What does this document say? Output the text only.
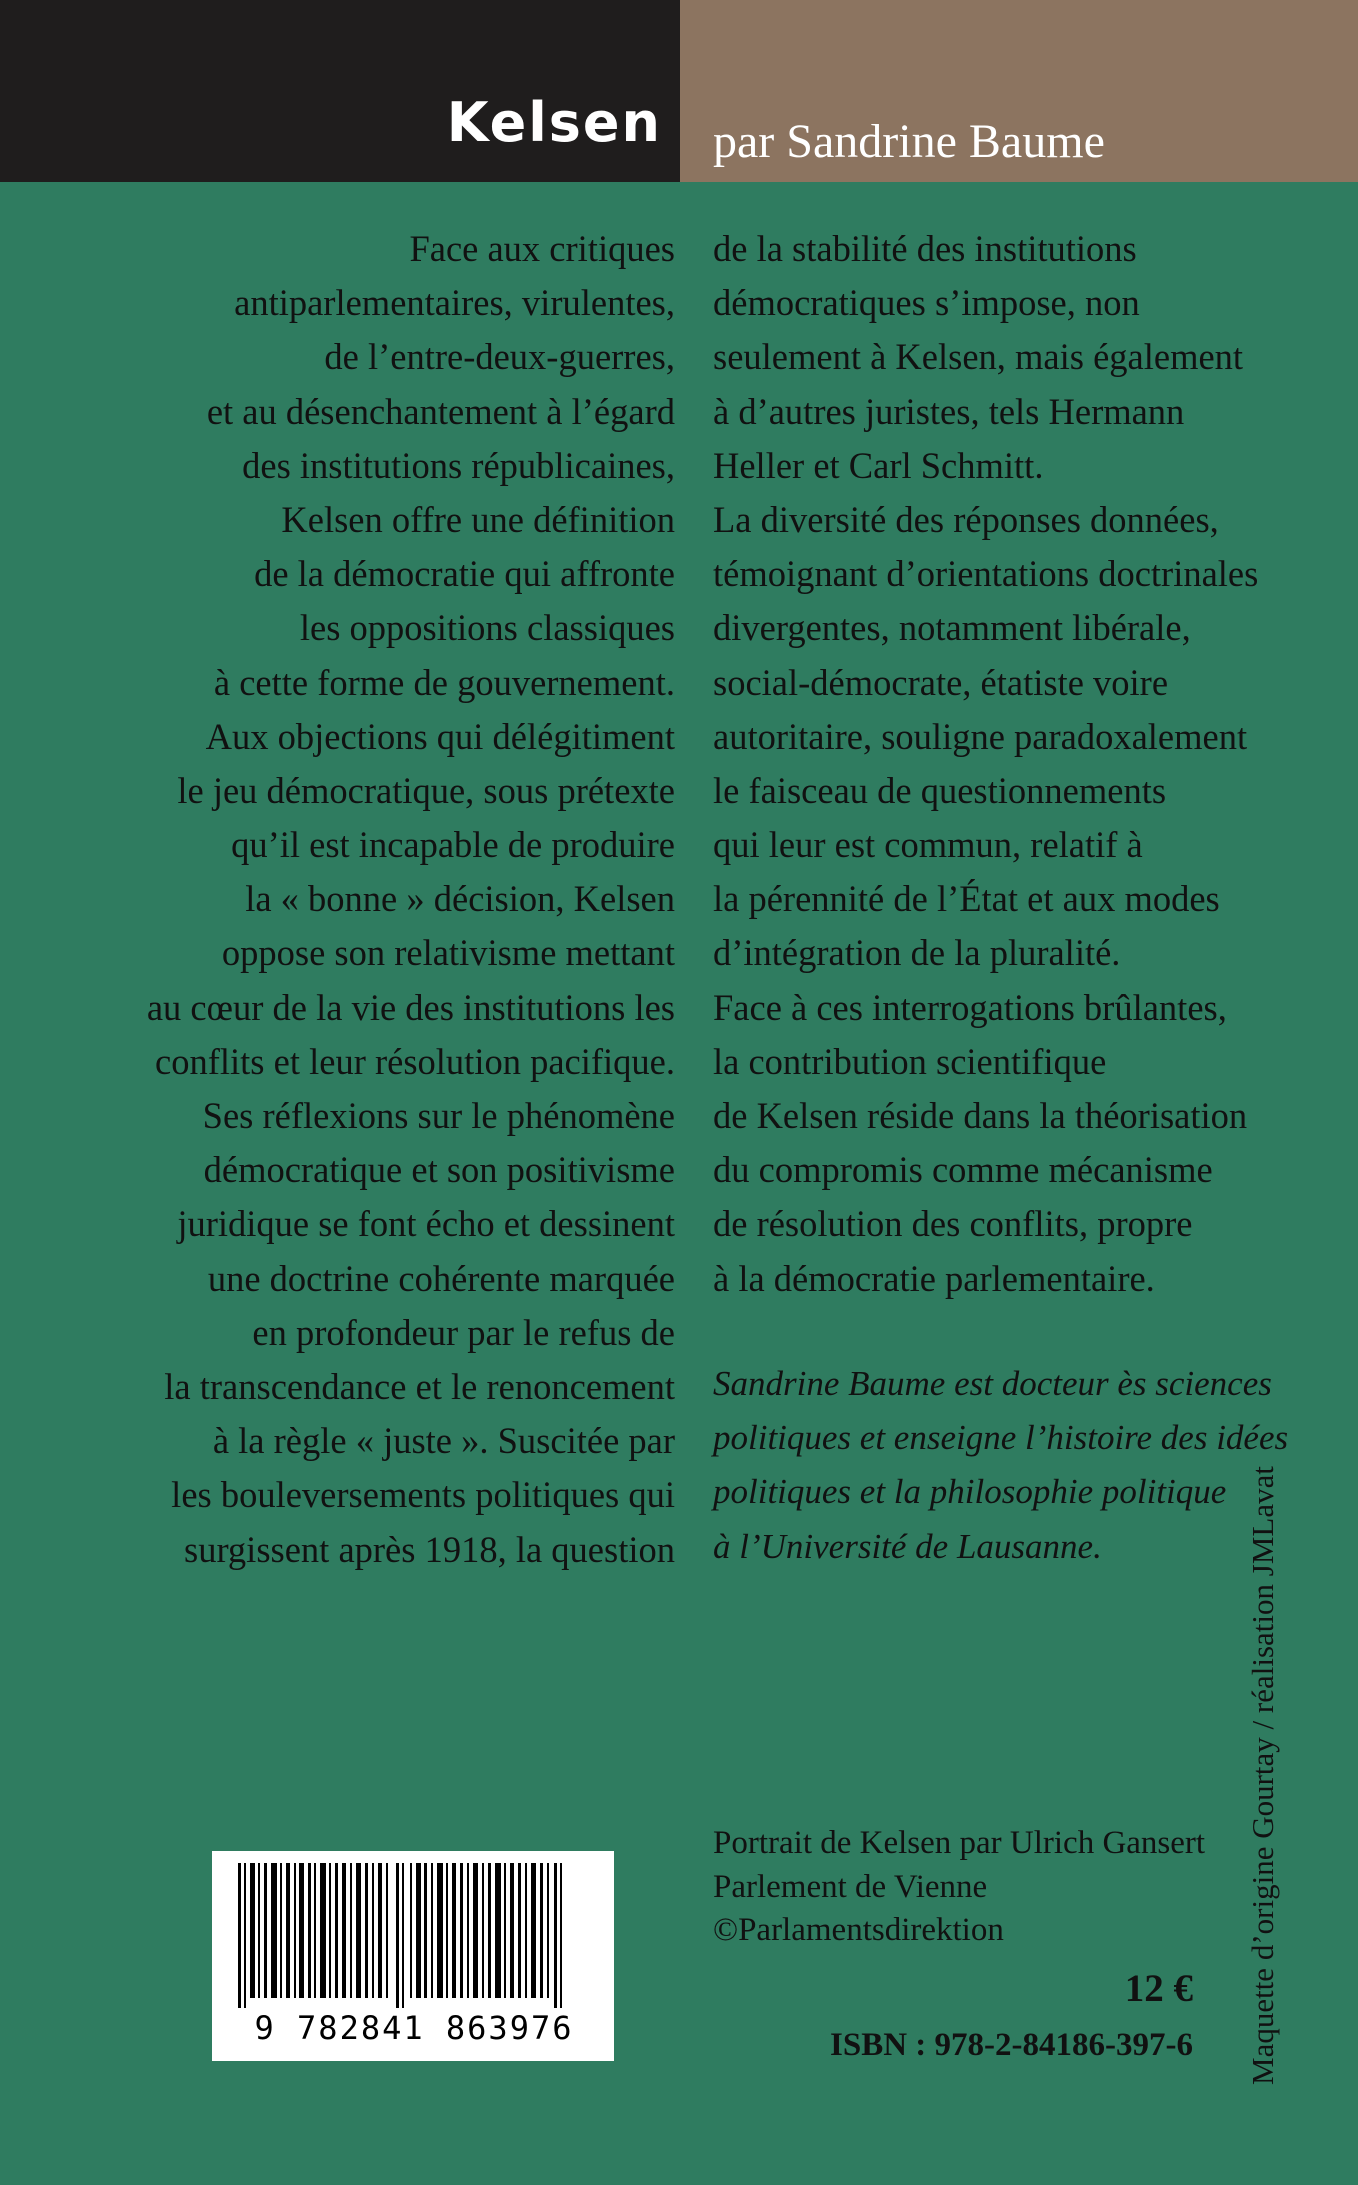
Kelsen par Sandrine Baume
Face aux critiques
antiparlementaires, virulentes,
de l’entre-deux-guerres,
et au désenchantement à l’égard
des institutions républicaines,
Kelsen offre une définition
de la démocratie qui affronte
les oppositions classiques
à cette forme de gouvernement.
Aux objections qui délégitiment
le jeu démocratique, sous prétexte
qu’il est incapable de produire
la « bonne » décision, Kelsen
oppose son relativisme mettant
au cœur de la vie des institutions les
conflits et leur résolution pacifique.
Ses réflexions sur le phénomène
démocratique et son positivisme
juridique se font écho et dessinent
une doctrine cohérente marquée
en profondeur par le refus de
la transcendance et le renoncement
à la règle « juste ». Suscitée par
les bouleversements politiques qui
surgissent après 1918, la question
de la stabilité des institutions
démocratiques s’impose, non
seulement à Kelsen, mais également
à d’autres juristes, tels Hermann
Heller et Carl Schmitt.
La diversité des réponses données,
témoignant d’orientations doctrinales
divergentes, notamment libérale,
social-démocrate, étatiste voire
autoritaire, souligne paradoxalement
le faisceau de questionnements
qui leur est commun, relatif à
la pérennité de l’État et aux modes
d’intégration de la pluralité.
Face à ces interrogations brûlantes,
la contribution scientifique
de Kelsen réside dans la théorisation
du compromis comme mécanisme
de résolution des conflits, propre
à la démocratie parlementaire.
Sandrine Baume est docteur ès sciences
politiques et enseigne l’histoire des idées
politiques et la philosophie politique
à l’Université de Lausanne.
Portrait de Kelsen par Ulrich Gansert
Parlement de Vienne
©Parlamentsdirektion
12 €
ISBN : 978-2-84186-397-6 Maquette d’origine Gourtay / réalisation JMLavat
9 782841 863976
